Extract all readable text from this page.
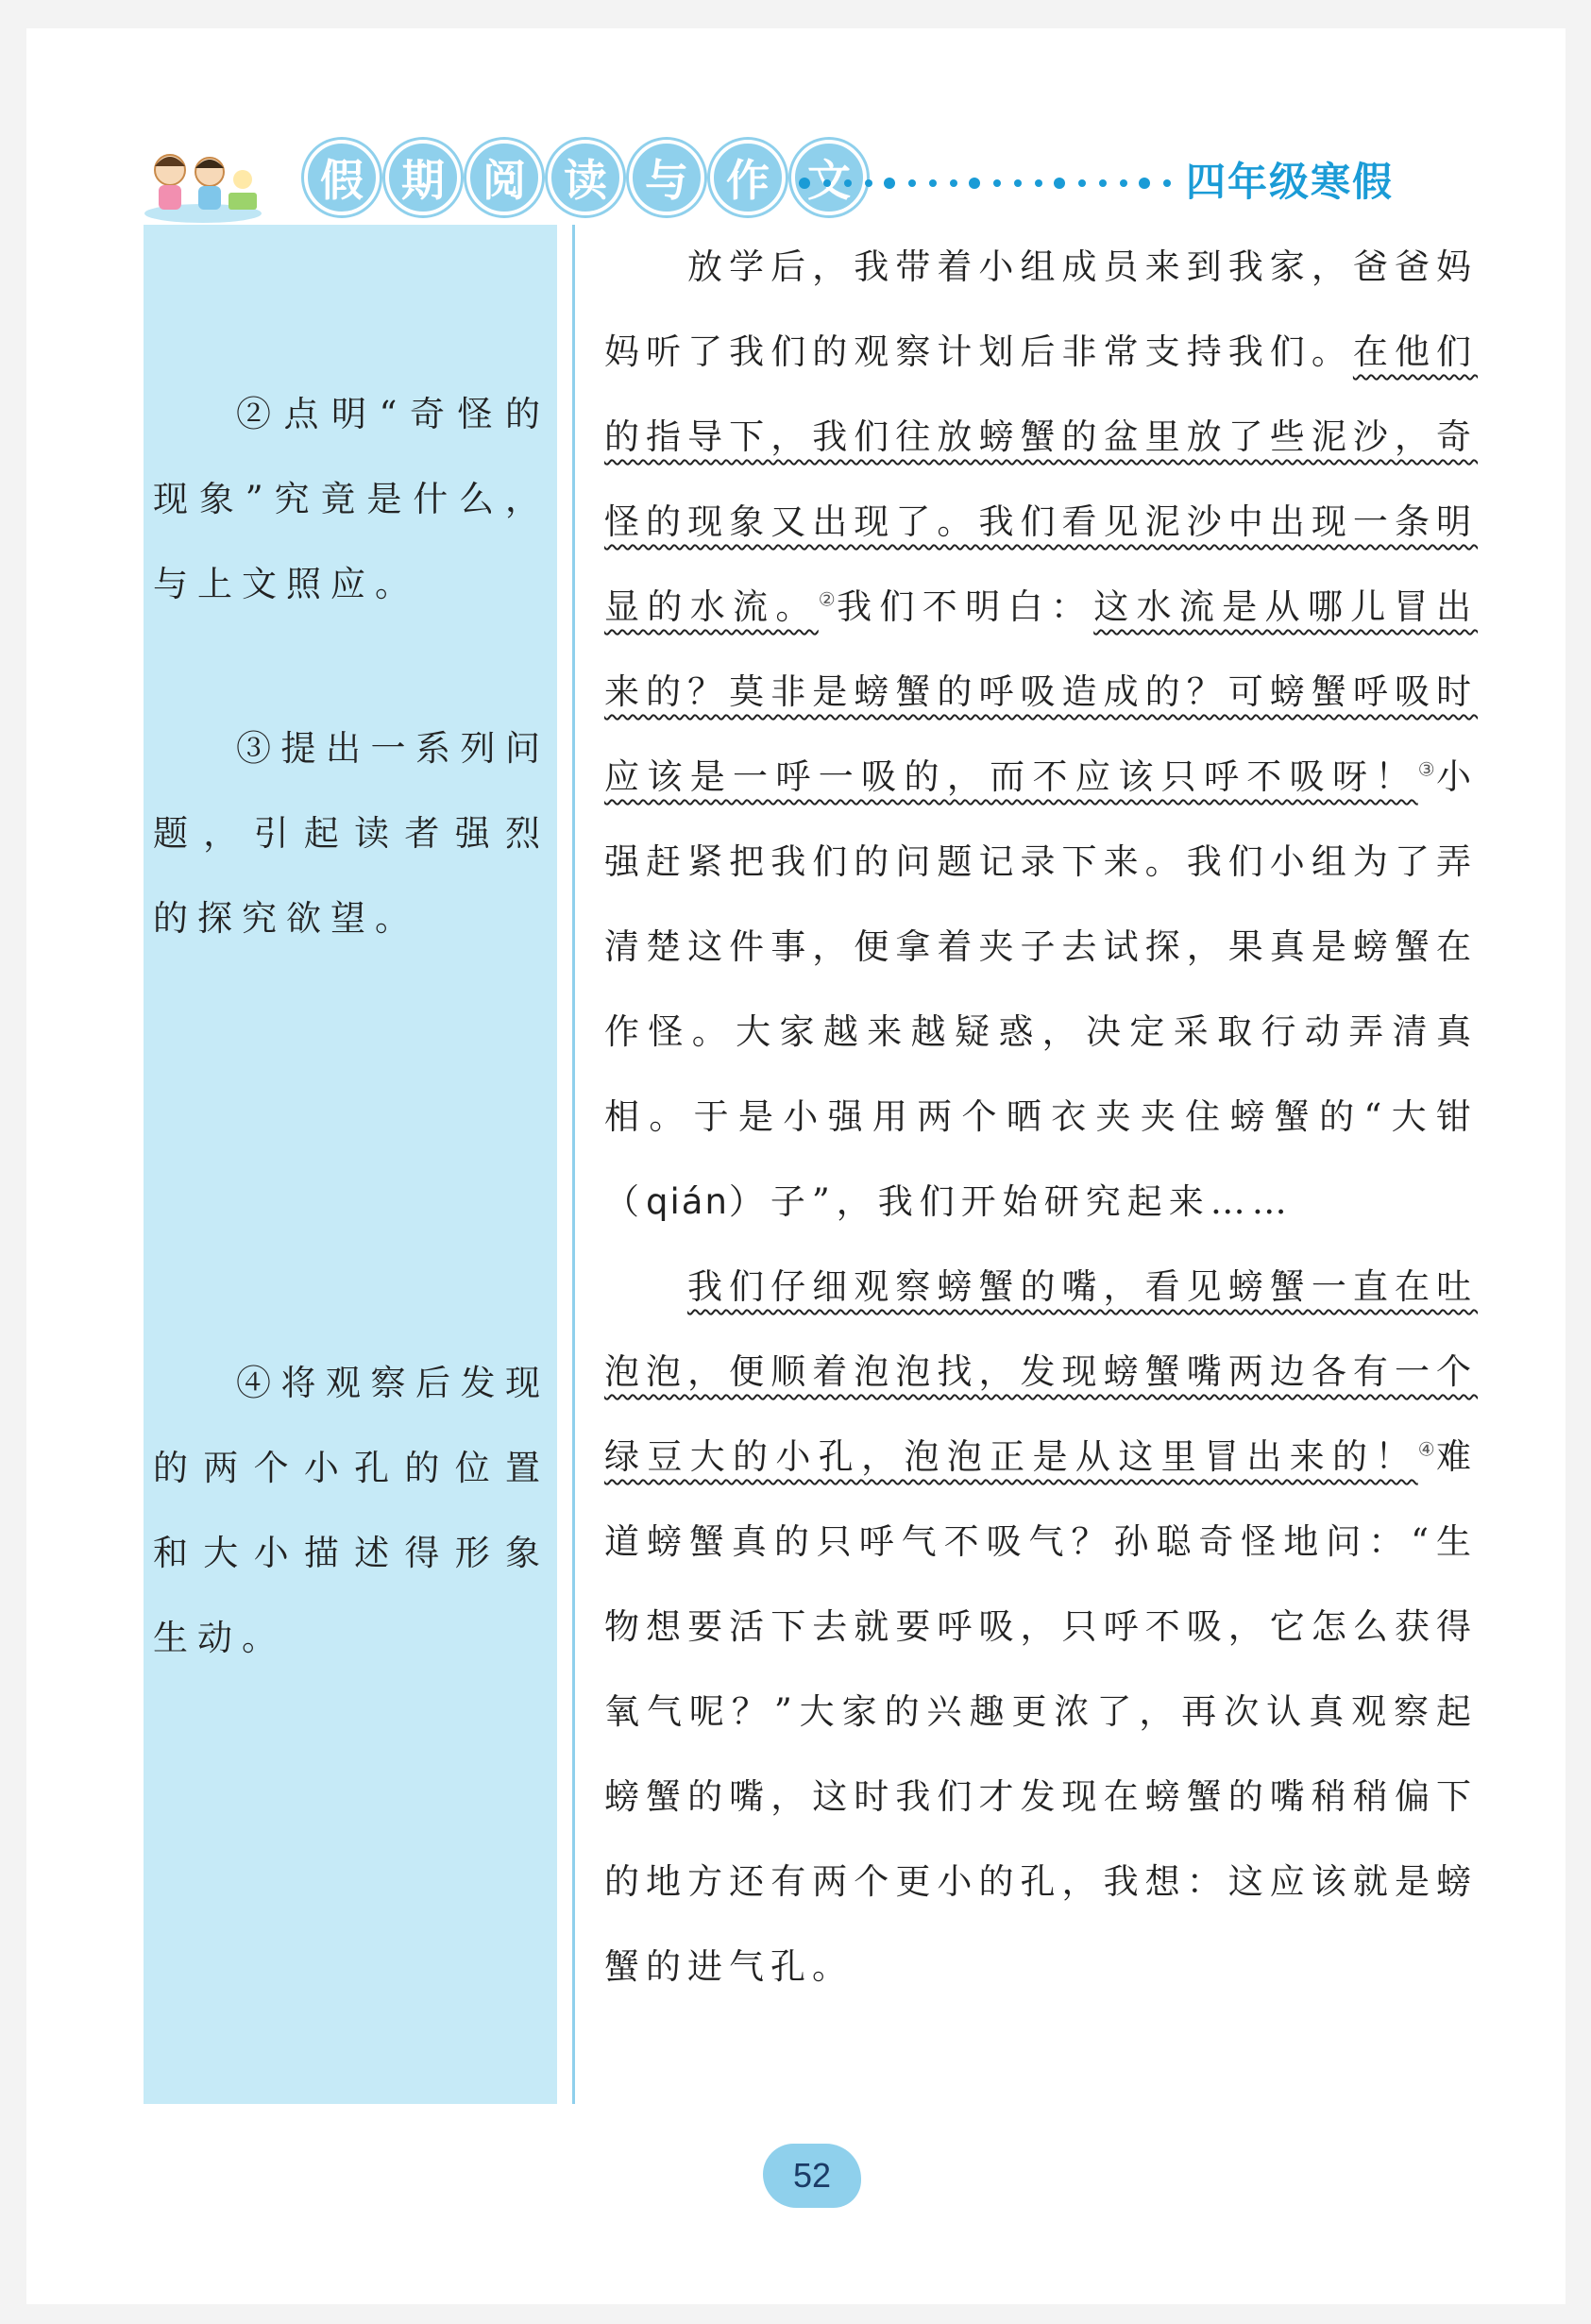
假 期 阅 读 与 作	四年级寒假

②点明“奇怪的现象”究竟是什么，与上文照应。

③提出一系列问题，引起读者强烈的探究欲望。

④将观察后发现的两个小孔的位置和大小描述得形象生动。

放学后，我带着小组成员来到我家，爸爸妈妈听了我们的观察计划后非常支持我们。在他们的指导下，我们往放螃蟹的盆里放了些泥沙，奇怪的现象又出现了。我们看见泥沙中出现一条明显的水流。②我们不明白：这水流是从哪儿冒出来的？莫非是螃蟹的呼吸造成的？可螃蟹呼吸时应该是一呼一吸的，而不应该只呼不吸呀！③小强赶紧把我们的问题记录下来。我们小组为了弄清楚这件事，便拿着夹子去试探，果真是螃蟹在作怪。大家越来越疑惑，决定采取行动弄清真相。于是小强用两个晒衣夹夹住螃蟹的“大钳（qián）子”，我们开始研究起来……

我们仔细观察螃蟹的嘴，看见螃蟹一直在吐泡泡，便顺着泡泡找，发现螃蟹嘴两边各有一个绿豆大的小孔，泡泡正是从这里冒出来的！④难道螃蟹真的只呼气不吸气？孙聪奇怪地问：“生物想要活下去就要呼吸，只呼不吸，它怎么获得氧气呢？”大家的兴趣更浓了，再次认真观察起螃蟹的嘴，这时我们才发现在螃蟹的嘴稍稍偏下的地方还有两个更小的孔，我想：这应该就是螃蟹的进气孔。

52
